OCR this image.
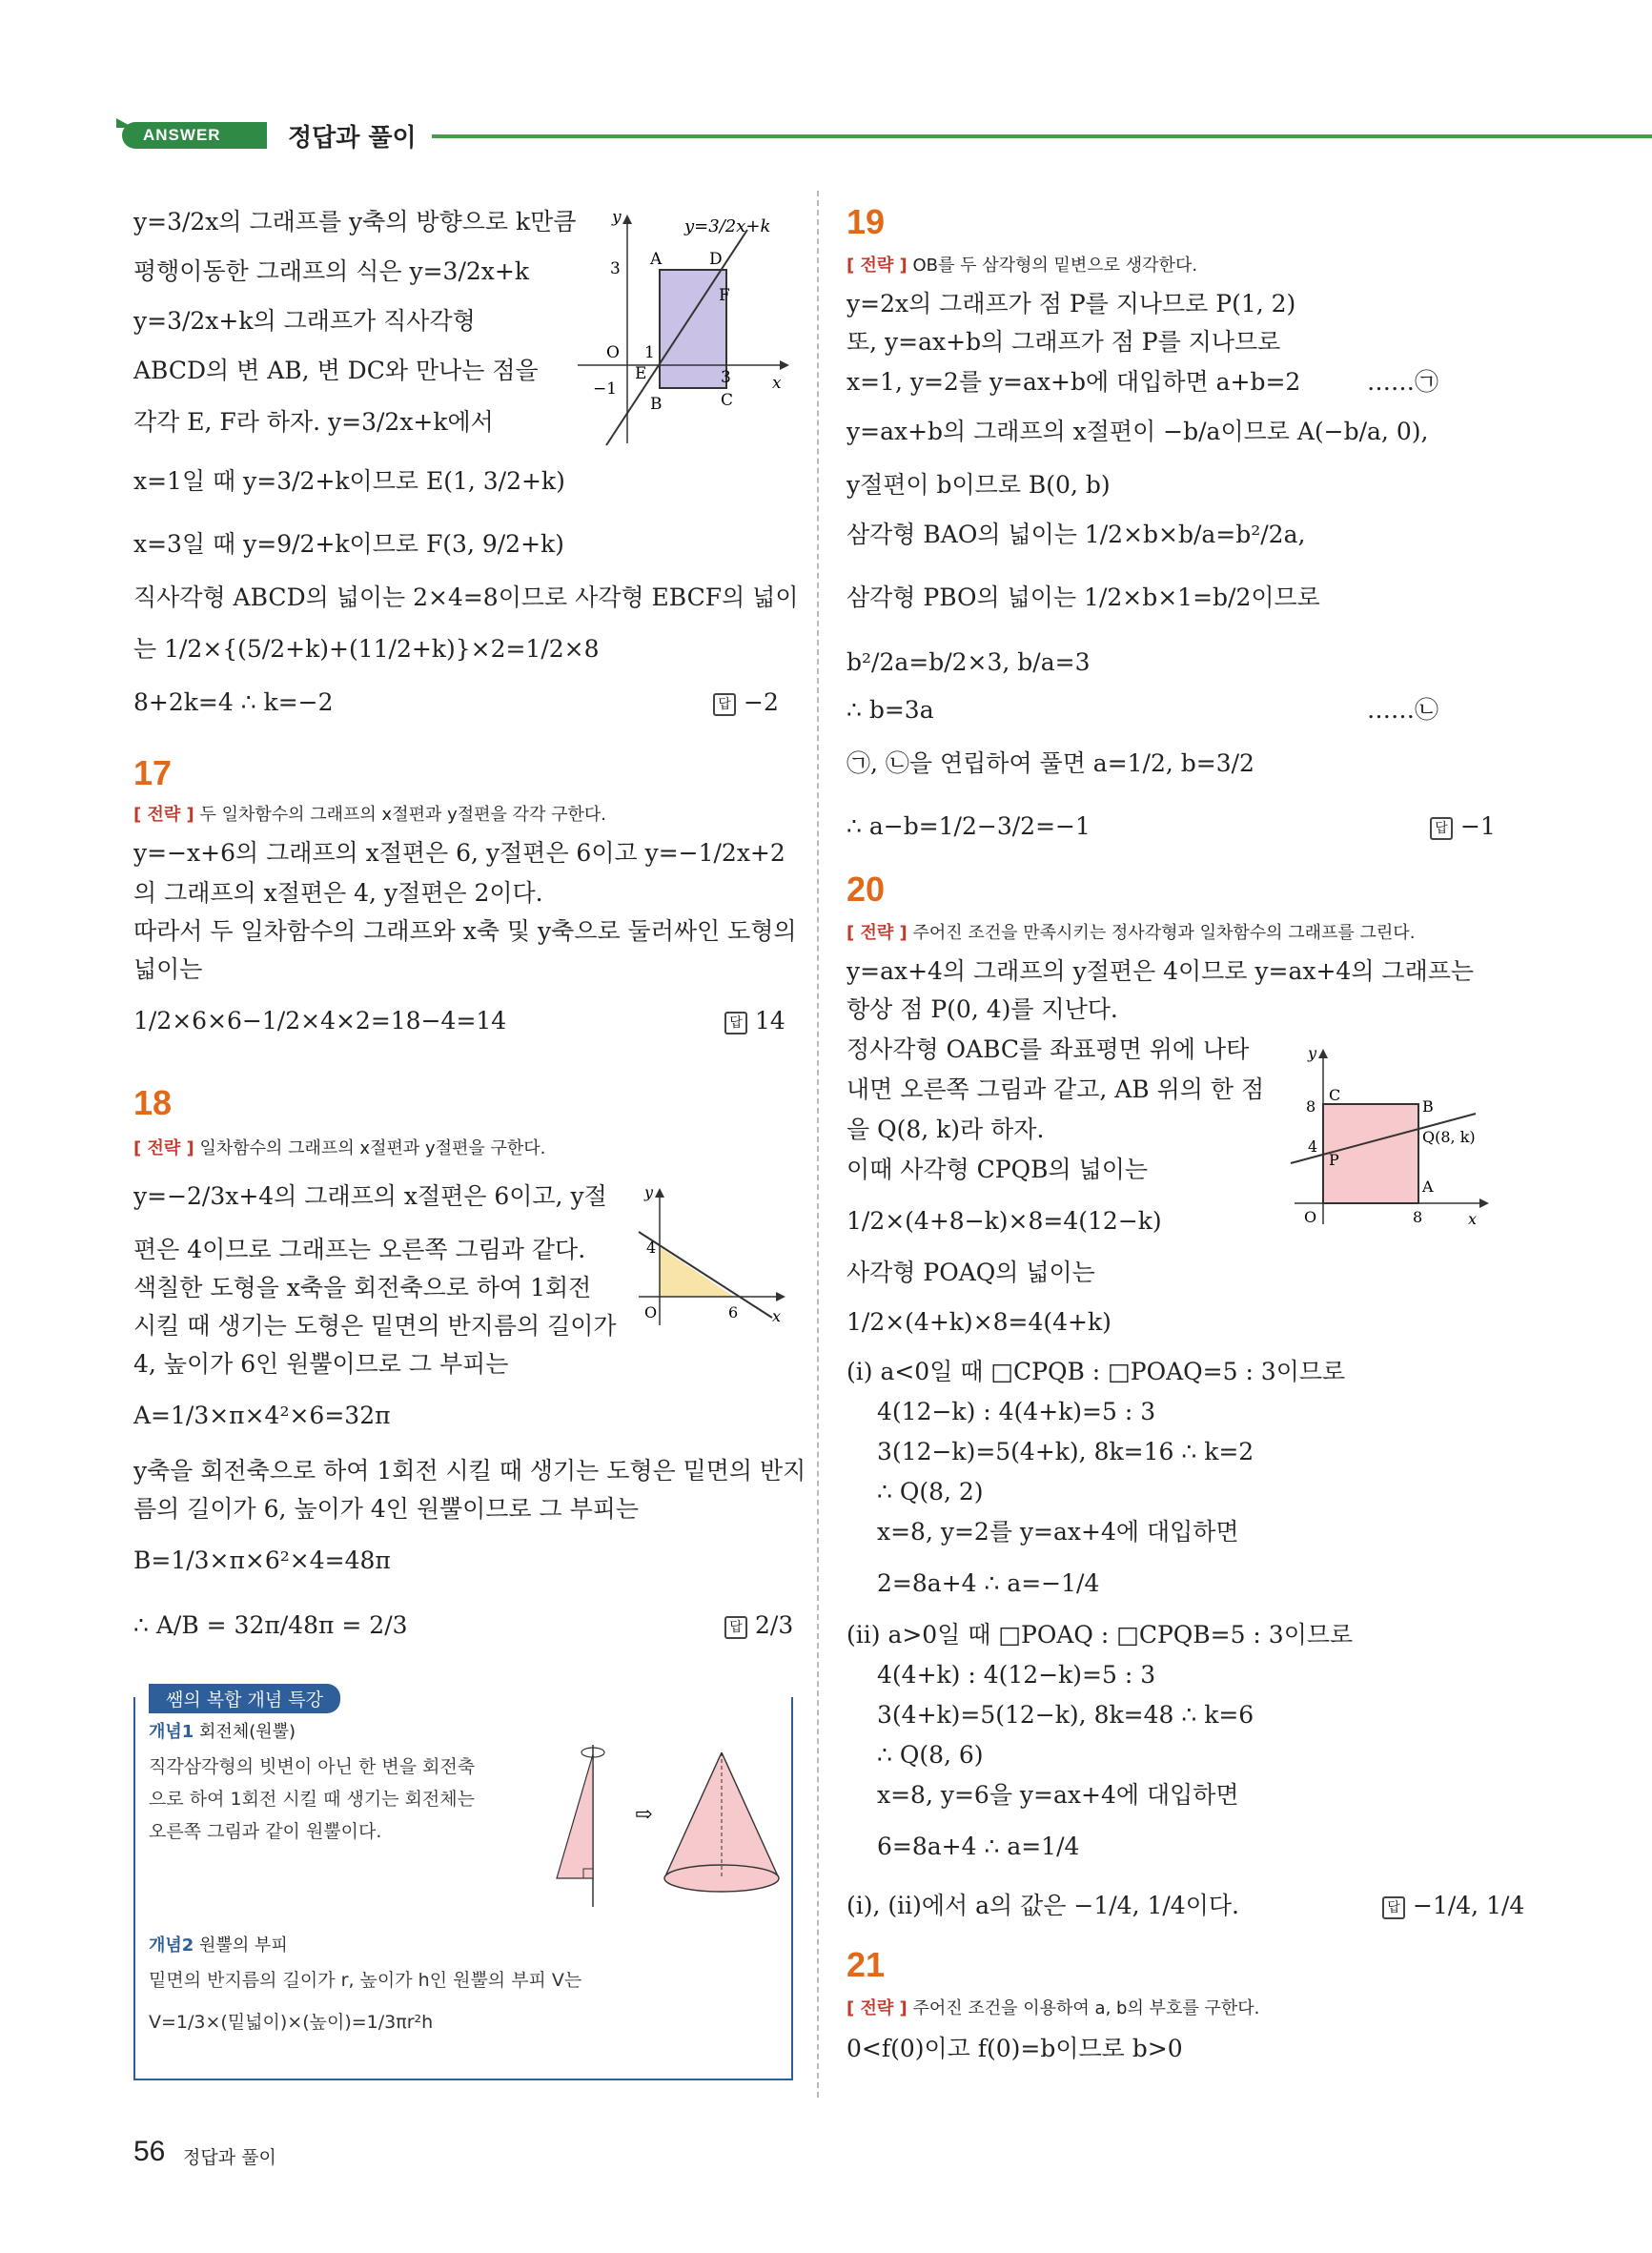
ANSWER	정답과 풀이
y=3/2x의 그래프를 y축의 방향으로 k만큼
평행이동한 그래프의 식은 y=3/2x+k
y=3/2x+k의 그래프가 직사각형
ABCD의 변 AB, 변 DC와 만나는 점을
각각 E, F라 하자. y=3/2x+k에서
x=1일 때 y=3/2+k이므로 E(1, 3/2+k)
x=3일 때 y=9/2+k이므로 F(3, 9/2+k)
직사각형 ABCD의 넓이는 2×4=8이므로 사각형 EBCF의 넓이
는 1/2×{(5/2+k)+(11/2+k)}×2=1/2×8
8+2k=4 ∴ k=−2	답 −2
y=3/2x+k
y
x
O
A	D
F
E
B	C
3
1
3
−1
17
[ 전략 ] 두 일차함수의 그래프의 x절편과 y절편을 각각 구한다.
y=−x+6의 그래프의 x절편은 6, y절편은 6이고 y=−1/2x+2
의 그래프의 x절편은 4, y절편은 2이다.
따라서 두 일차함수의 그래프와 x축 및 y축으로 둘러싸인 도형의
넓이는
1/2×6×6−1/2×4×2=18−4=14	답 14
18
[ 전략 ] 일차함수의 그래프의 x절편과 y절편을 구한다.
y=−2/3x+4의 그래프의 x절편은 6이고, y절
편은 4이므로 그래프는 오른쪽 그림과 같다.
색칠한 도형을 x축을 회전축으로 하여 1회전
시킬 때 생기는 도형은 밑면의 반지름의 길이가
4, 높이가 6인 원뿔이므로 그 부피는
A=1/3×π×4²×6=32π
y축을 회전축으로 하여 1회전 시킬 때 생기는 도형은 밑면의 반지
름의 길이가 6, 높이가 4인 원뿔이므로 그 부피는
B=1/3×π×6²×4=48π
∴ A/B = 32π/48π = 2/3	답 2/3
y
x
O
4
6
쌤의 복합 개념 특강
개념1 회전체(원뿔)
직각삼각형의 빗변이 아닌 한 변을 회전축
으로 하여 1회전 시킬 때 생기는 회전체는
오른쪽 그림과 같이 원뿔이다.
⇨
개념2 원뿔의 부피
밑면의 반지름의 길이가 r, 높이가 h인 원뿔의 부피 V는
V=1/3×(밑넓이)×(높이)=1/3πr²h
19
[ 전략 ] OB를 두 삼각형의 밑변으로 생각한다.
y=2x의 그래프가 점 P를 지나므로 P(1, 2)
또, y=ax+b의 그래프가 점 P를 지나므로
x=1, y=2를 y=ax+b에 대입하면 a+b=2	……㉠
y=ax+b의 그래프의 x절편이 −b/a이므로 A(−b/a, 0),
y절편이 b이므로 B(0, b)
삼각형 BAO의 넓이는 1/2×b×b/a=b²/2a,
삼각형 PBO의 넓이는 1/2×b×1=b/2이므로
b²/2a=b/2×3, b/a=3
∴ b=3a	……㉡
㉠, ㉡을 연립하여 풀면 a=1/2, b=3/2
∴ a−b=1/2−3/2=−1	답 −1
20
[ 전략 ] 주어진 조건을 만족시키는 정사각형과 일차함수의 그래프를 그린다.
y=ax+4의 그래프의 y절편은 4이므로 y=ax+4의 그래프는
항상 점 P(0, 4)를 지난다.
정사각형 OABC를 좌표평면 위에 나타
내면 오른쪽 그림과 같고, AB 위의 한 점
을 Q(8, k)라 하자.
이때 사각형 CPQB의 넓이는
1/2×(4+8−k)×8=4(12−k)
사각형 POAQ의 넓이는
1/2×(4+k)×8=4(4+k)
(ⅰ) a<0일 때 □CPQB : □POAQ=5 : 3이므로
4(12−k) : 4(4+k)=5 : 3
3(12−k)=5(4+k), 8k=16 ∴ k=2
∴ Q(8, 2)
x=8, y=2를 y=ax+4에 대입하면
2=8a+4 ∴ a=−1/4
(ⅱ) a>0일 때 □POAQ : □CPQB=5 : 3이므로
4(4+k) : 4(12−k)=5 : 3
3(4+k)=5(12−k), 8k=48 ∴ k=6
∴ Q(8, 6)
x=8, y=6을 y=ax+4에 대입하면
6=8a+4 ∴ a=1/4
(ⅰ), (ⅱ)에서 a의 값은 −1/4, 1/4이다.	답 −1/4, 1/4
y
x
O	8
8
4
C
B
P
Q(8, k)
A
21
[ 전략 ] 주어진 조건을 이용하여 a, b의 부호를 구한다.
0<f(0)이고 f(0)=b이므로 b>0
56 정답과 풀이
